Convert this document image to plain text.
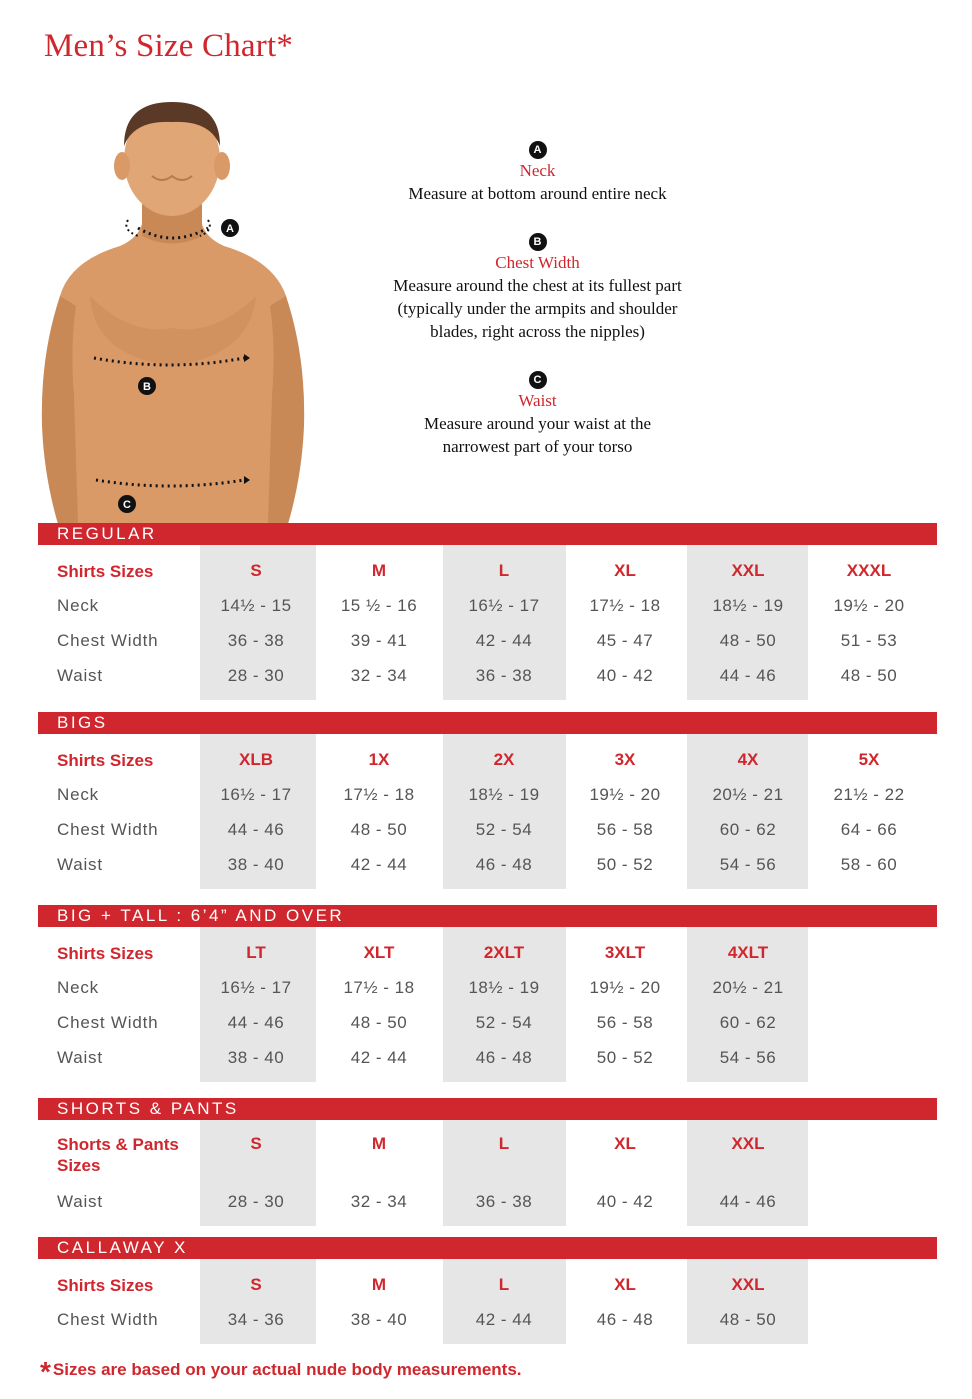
Men’s Size Chart*
A
B
C
A
Neck
Measure at bottom around entire neck
B
Chest Width
Measure around the chest at its fullest part
(typically under the armpits and shoulder
blades, right across the nipples)
C
Waist
Measure around your waist at the
narrowest part of your torso
REGULAR
Shirts Sizes
Neck
Chest Width
Waist
S
14½ - 15
36 - 38
28 - 30
M
15 ½ - 16
39 - 41
32 - 34
L
16½ - 17
42 - 44
36 - 38
XL
17½ - 18
45 - 47
40 - 42
XXL
18½ - 19
48 - 50
44 - 46
XXXL
19½ - 20
51 - 53
48 - 50
BIGS
Shirts Sizes
Neck
Chest Width
Waist
XLB
16½ - 17
44 - 46
38 - 40
1X
17½ - 18
48 - 50
42 - 44
2X
18½ - 19
52 - 54
46 - 48
3X
19½ - 20
56 - 58
50 - 52
4X
20½ - 21
60 - 62
54 - 56
5X
21½ - 22
64 - 66
58 - 60
BIG + TALL : 6’4” AND OVER
Shirts Sizes
Neck
Chest Width
Waist
LT
16½ - 17
44 - 46
38 - 40
XLT
17½ - 18
48 - 50
42 - 44
2XLT
18½ - 19
52 - 54
46 - 48
3XLT
19½ - 20
56 - 58
50 - 52
4XLT
20½ - 21
60 - 62
54 - 56
SHORTS & PANTS
Shorts & Pants Sizes
Waist
S
28 - 30
M
32 - 34
L
36 - 38
XL
40 - 42
XXL
44 - 46
CALLAWAY X
Shirts Sizes
Chest Width
S
34 - 36
M
38 - 40
L
42 - 44
XL
46 - 48
XXL
48 - 50
* Sizes are based on your actual nude body measurements.
